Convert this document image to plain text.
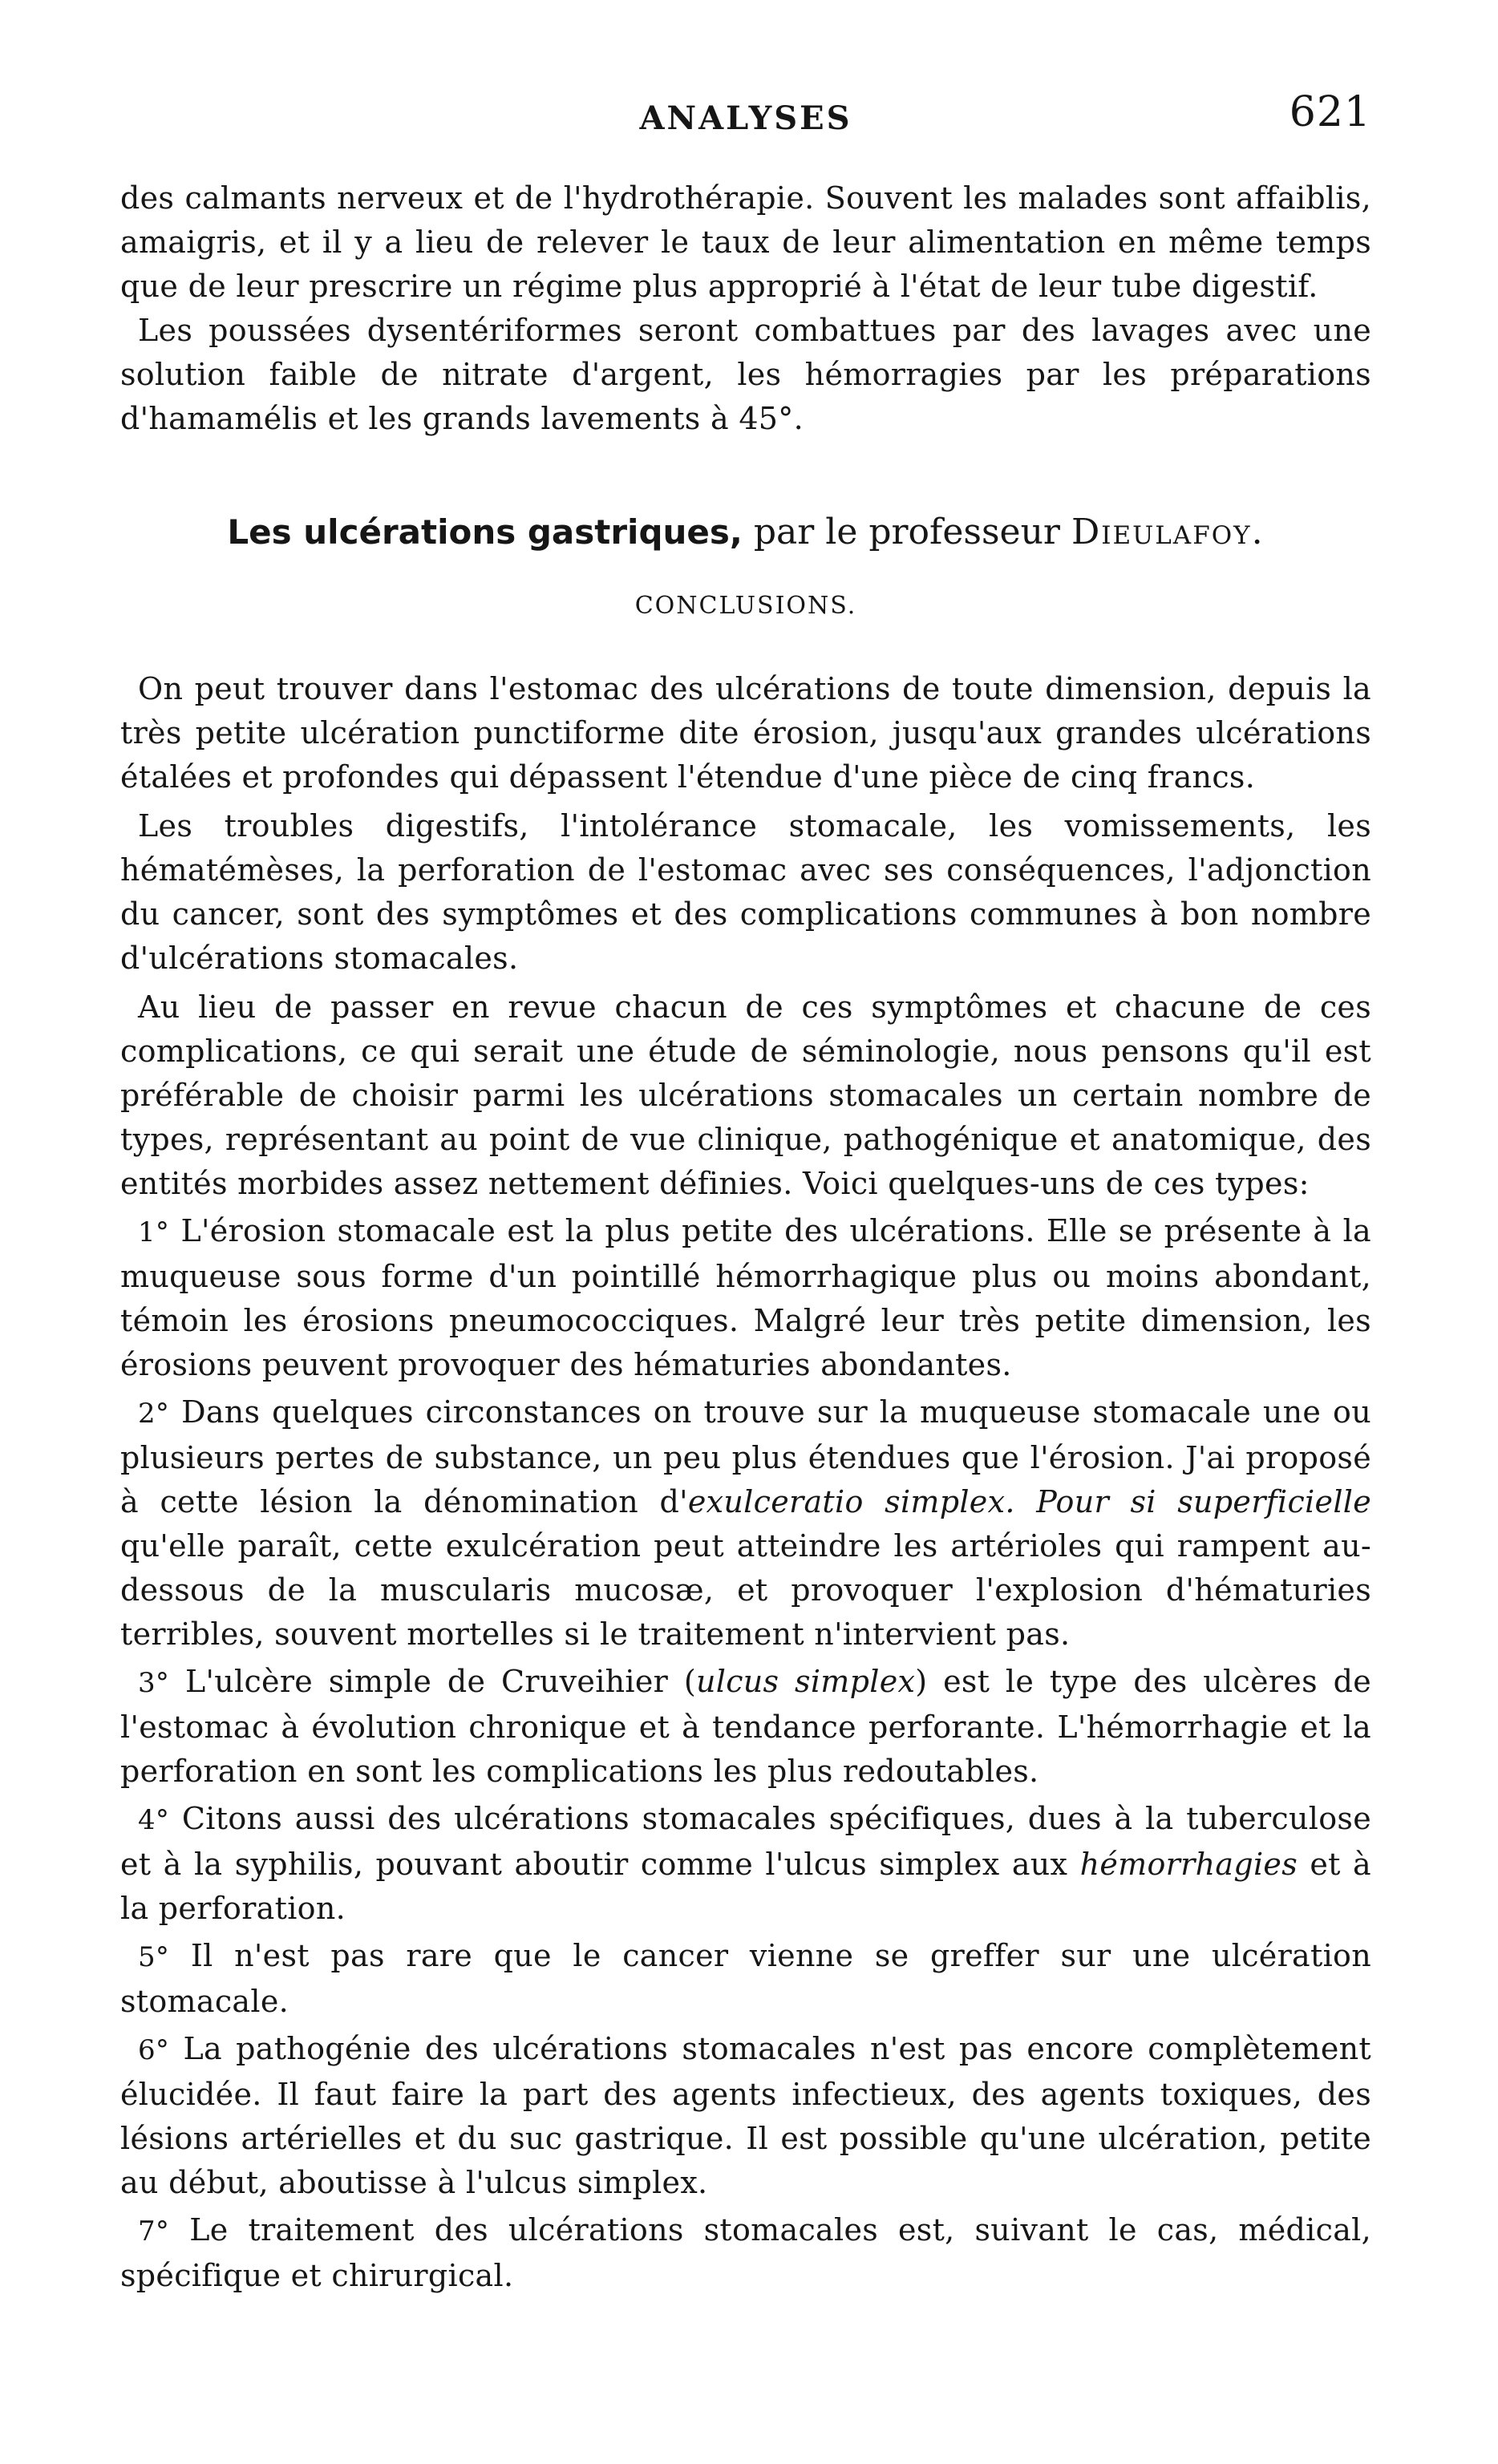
ANALYSES	621

des calmants nerveux et de l'hydrothérapie. Souvent les malades sont affaiblis, amaigris, et il y a lieu de relever le taux de leur alimentation en même temps que de leur prescrire un régime plus approprié à l'état de leur tube digestif.

Les poussées dysentériformes seront combattues par des lavages avec une solution faible de nitrate d'argent, les hémorragies par les préparations d'hamamélis et les grands lavements à 45°.

Les ulcérations gastriques, par le professeur Dieulafoy.
CONCLUSIONS.

On peut trouver dans l'estomac des ulcérations de toute dimension, depuis la très petite ulcération punctiforme dite érosion, jusqu'aux grandes ulcérations étalées et profondes qui dépassent l'étendue d'une pièce de cinq francs.

Les troubles digestifs, l'intolérance stomacale, les vomissements, les hématémèses, la perforation de l'estomac avec ses conséquences, l'adjonction du cancer, sont des symptômes et des complications communes à bon nombre d'ulcérations stomacales.

Au lieu de passer en revue chacun de ces symptômes et chacune de ces complications, ce qui serait une étude de séminologie, nous pensons qu'il est préférable de choisir parmi les ulcérations stomacales un certain nombre de types, représentant au point de vue clinique, pathogénique et anatomique, des entités morbides assez nettement définies. Voici quelques-uns de ces types:

1° L'érosion stomacale est la plus petite des ulcérations. Elle se présente à la muqueuse sous forme d'un pointillé hémorrhagique plus ou moins abondant, témoin les érosions pneumococciques. Malgré leur très petite dimension, les érosions peuvent provoquer des hématuries abondantes.

2° Dans quelques circonstances on trouve sur la muqueuse stomacale une ou plusieurs pertes de substance, un peu plus étendues que l'érosion. J'ai proposé à cette lésion la dénomination d'exulceratio simplex. Pour si superficielle qu'elle paraît, cette exulcération peut atteindre les artérioles qui rampent au-dessous de la muscularis mucosæ, et provoquer l'explosion d'hématuries terribles, souvent mortelles si le traitement n'intervient pas.

3° L'ulcère simple de Cruveihier (ulcus simplex) est le type des ulcères de l'estomac à évolution chronique et à tendance perforante. L'hémorrhagie et la perforation en sont les complications les plus redoutables.

4° Citons aussi des ulcérations stomacales spécifiques, dues à la tuberculose et à la syphilis, pouvant aboutir comme l'ulcus simplex aux hémorrhagies et à la perforation.

5° Il n'est pas rare que le cancer vienne se greffer sur une ulcération stomacale.

6° La pathogénie des ulcérations stomacales n'est pas encore complètement élucidée. Il faut faire la part des agents infectieux, des agents toxiques, des lésions artérielles et du suc gastrique. Il est possible qu'une ulcération, petite au début, aboutisse à l'ulcus simplex.

7° Le traitement des ulcérations stomacales est, suivant le cas, médical, spécifique et chirurgical.
